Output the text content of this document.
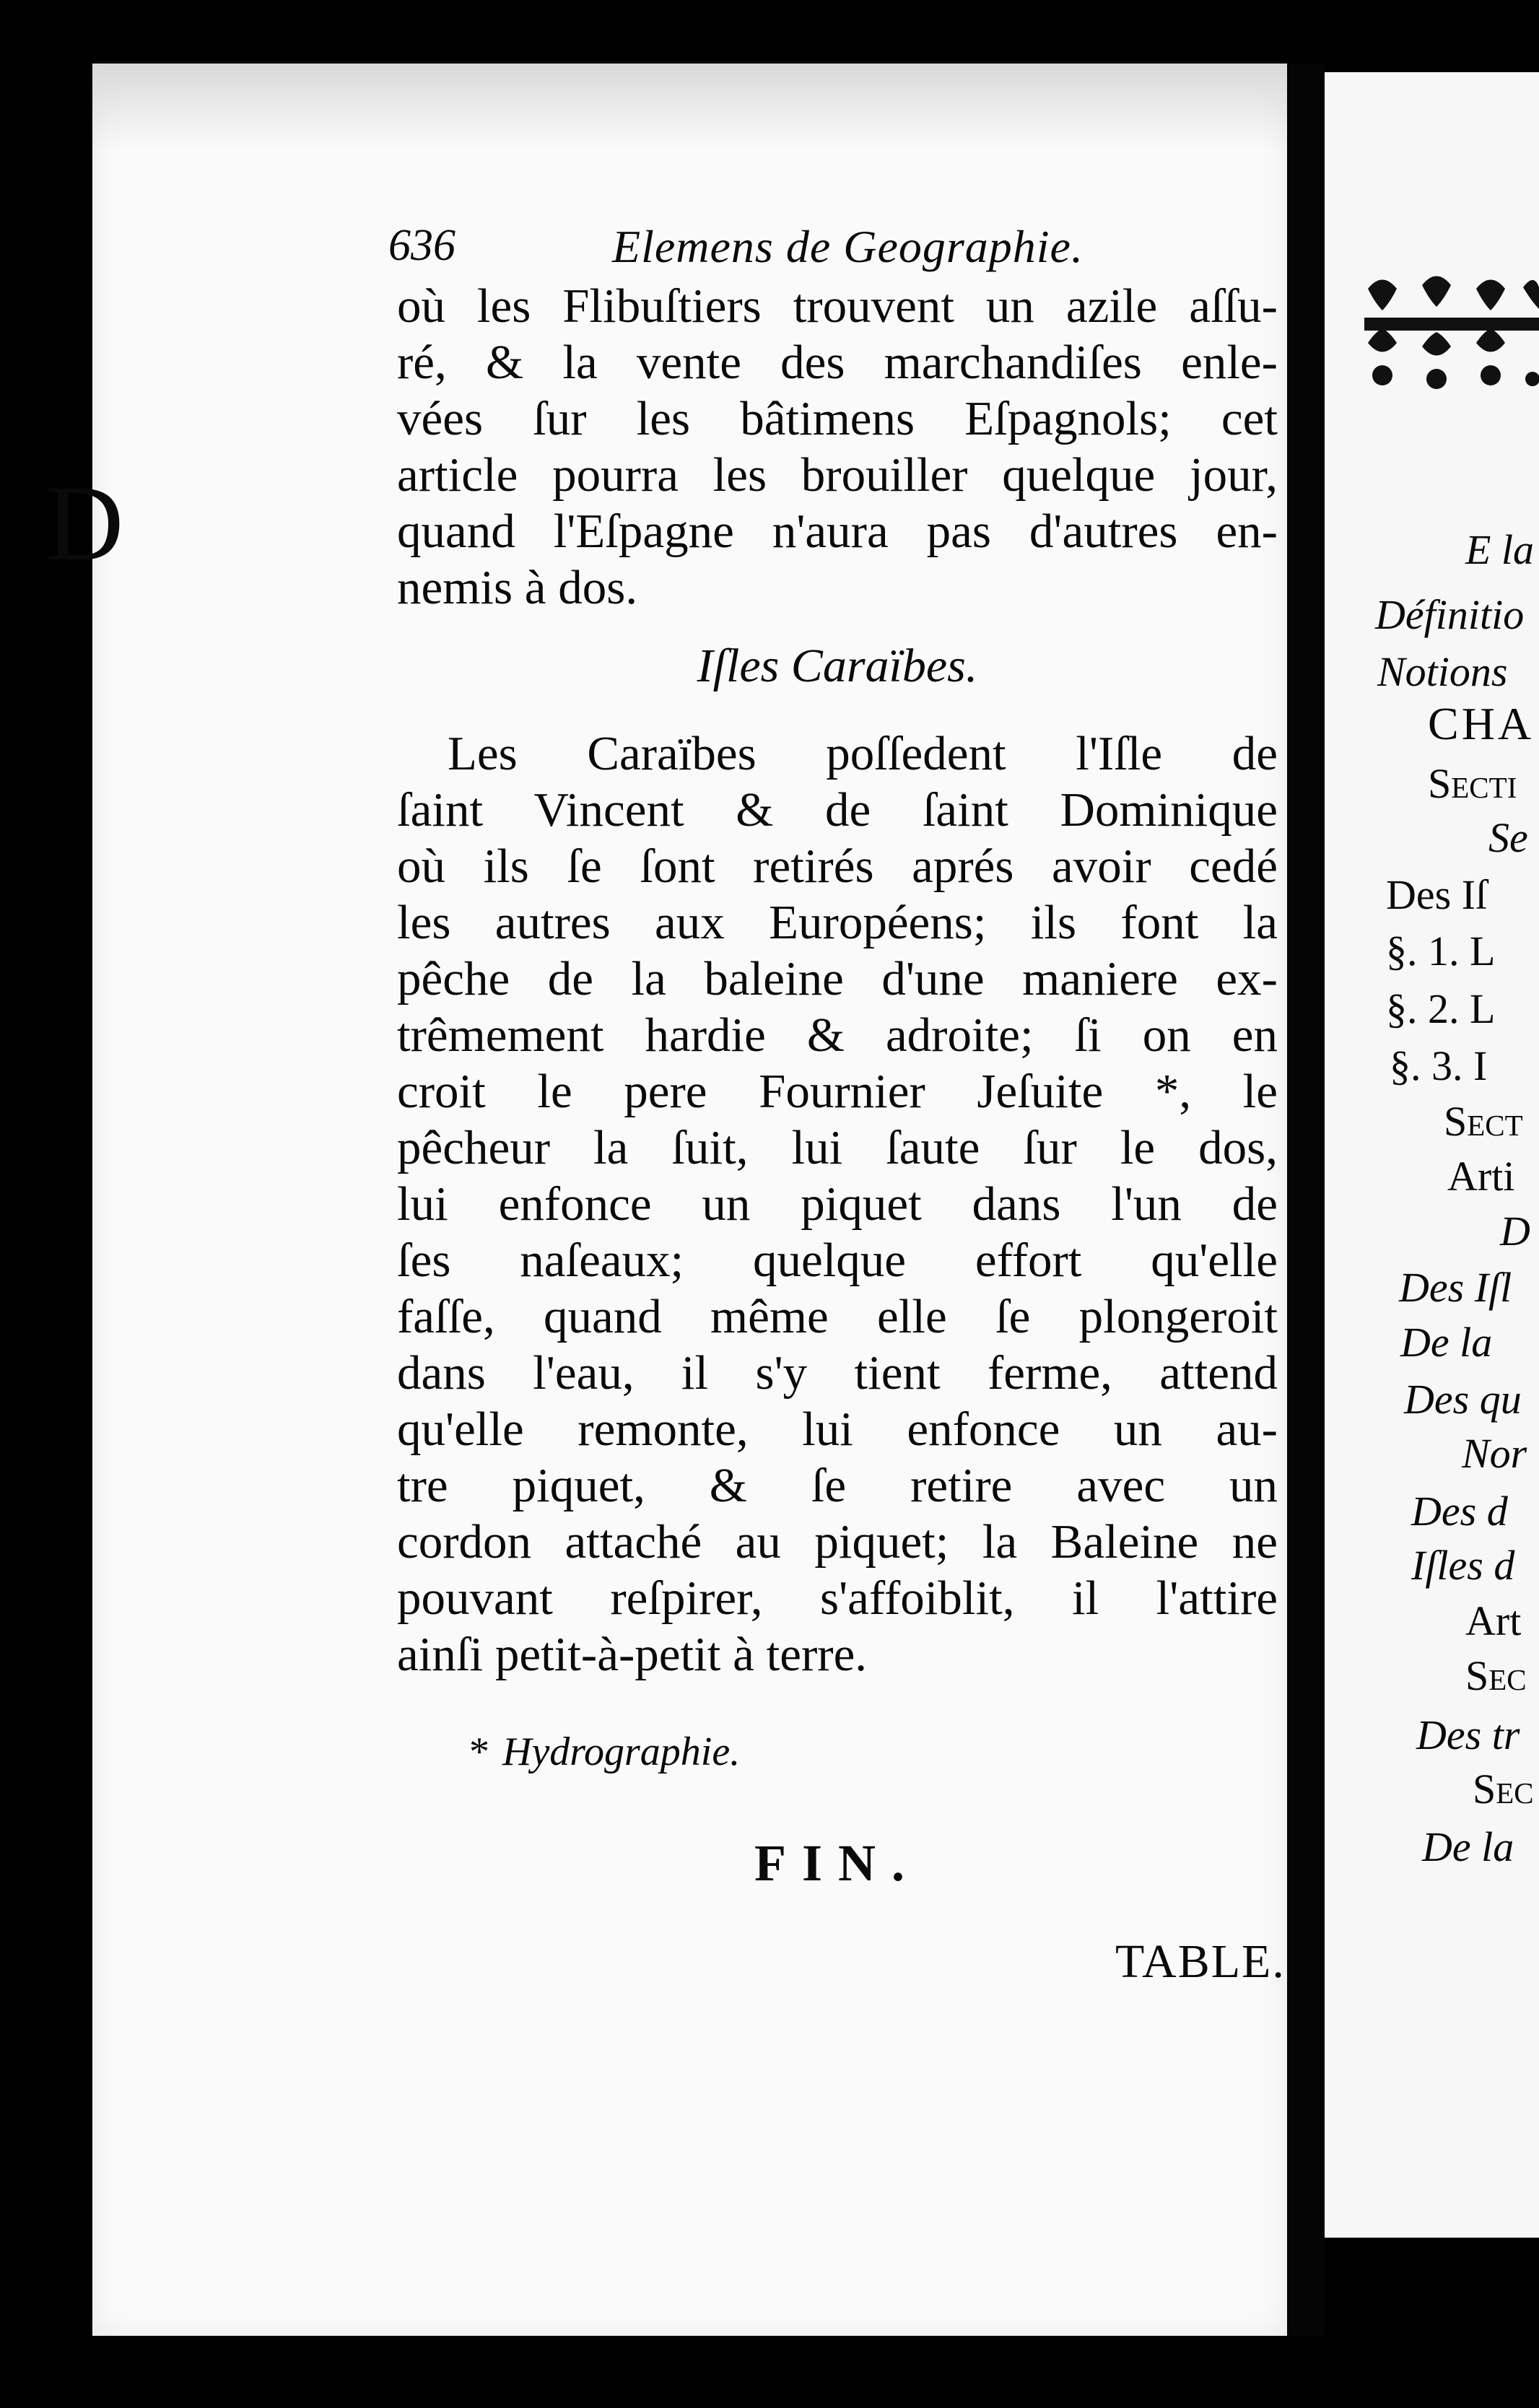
636	Elemens de Geographie.
où les Flibuſtiers trouvent un azile aſſu-
ré, & la vente des marchandiſes enle-
vées ſur les bâtimens Eſpagnols; cet
article pourra les brouiller quelque jour,
quand l'Eſpagne n'aura pas d'autres en-
nemis à dos.
Iſles Caraïbes.
Les Caraïbes poſſedent l'Iſle de
ſaint Vincent & de ſaint Dominique
où ils ſe ſont retirés aprés avoir cedé
les autres aux Européens; ils font la
pêche de la baleine d'une maniere ex-
trêmement hardie & adroite; ſi on en
croit le pere Fournier Jeſuite *, le
pêcheur la ſuit, lui ſaute ſur le dos,
lui enfonce un piquet dans l'un de
ſes naſeaux; quelque effort qu'elle
faſſe, quand même elle ſe plongeroit
dans l'eau, il s'y tient ferme, attend
qu'elle remonte, lui enfonce un au-
tre piquet, & ſe retire avec un
cordon attaché au piquet; la Baleine ne
pouvant reſpirer, s'affoiblit, il l'attire
ainſi petit-à-petit à terre.
* Hydrographie.
FIN.
TABLE.
D	E la
Définitio
Notions
CHA
Secti
Se
Des Iſ
§. 1. L
§. 2. L
§. 3. I
Sect
Arti
D
Des Iſl
De la
Des qu
Nor
Des d
Iſles d
Art
Sec
Des tr
Sec
De la
